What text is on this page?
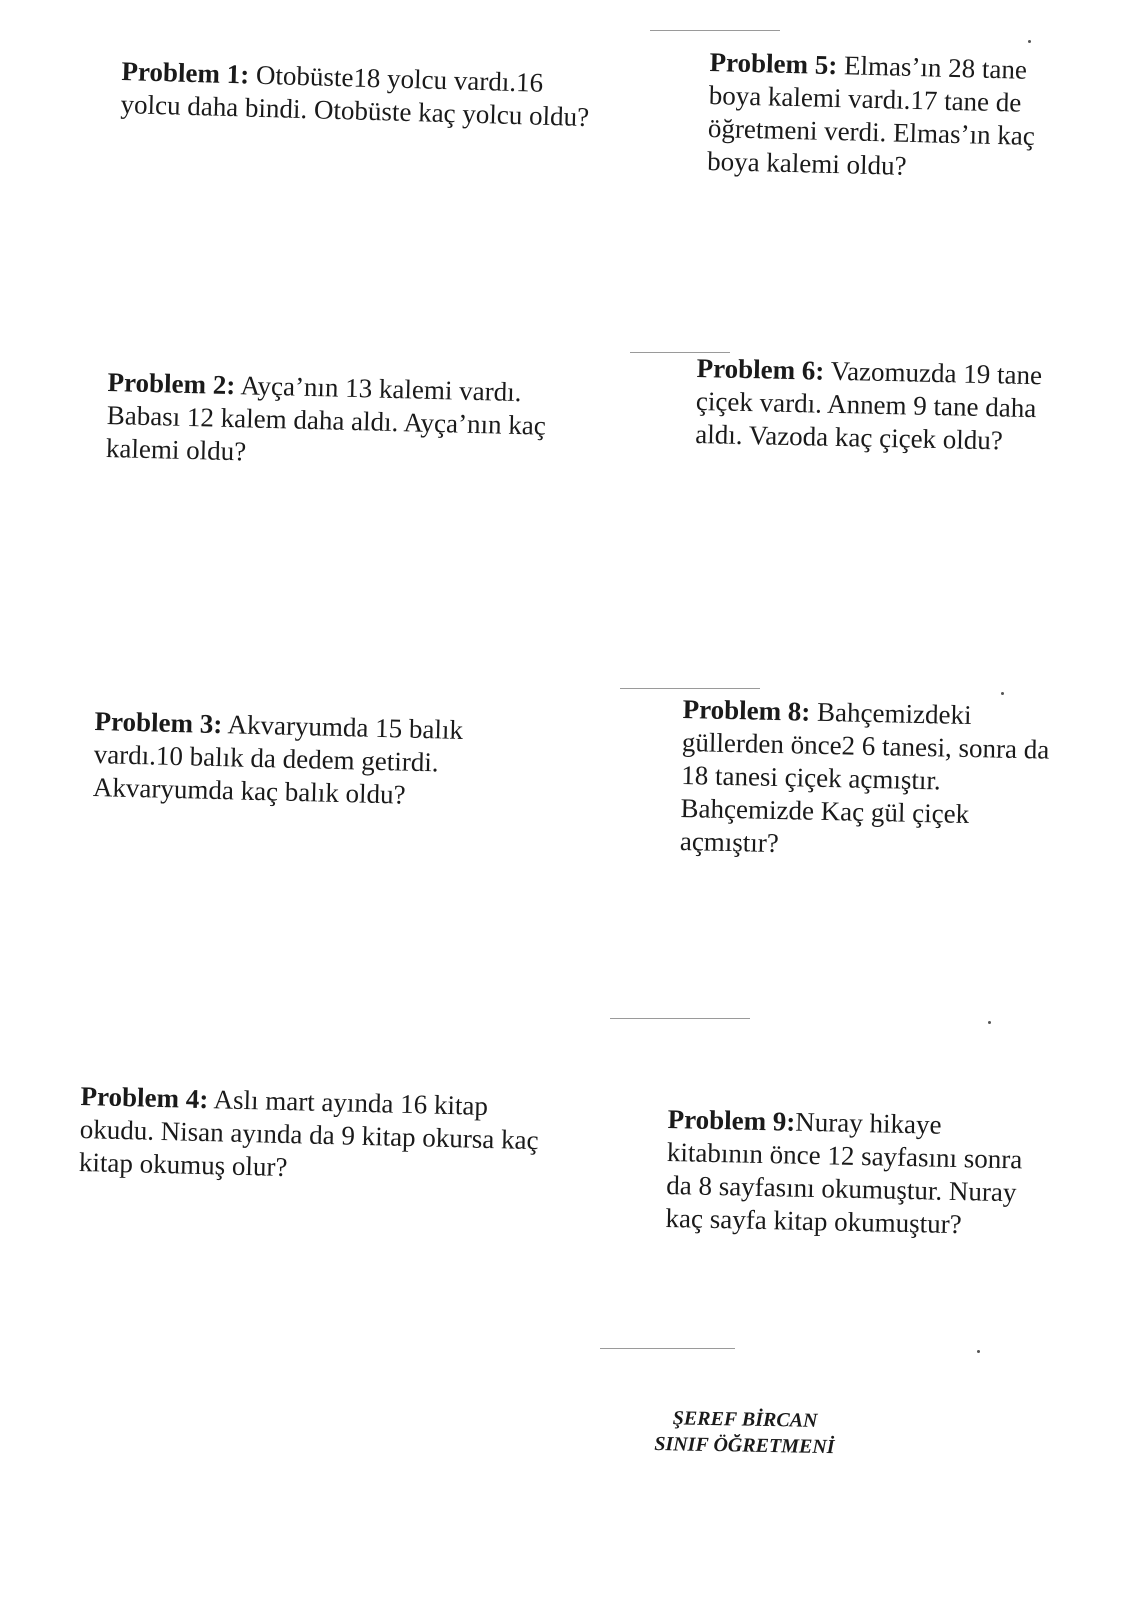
Problem 1: Otobüste18 yolcu vardı.16
yolcu daha bindi. Otobüste kaç yolcu oldu?
Problem 5: Elmas’ın 28 tane
boya kalemi vardı.17 tane de
öğretmeni verdi. Elmas’ın kaç
boya kalemi oldu?
Problem 2: Ayça’nın 13 kalemi vardı.
Babası 12 kalem daha aldı. Ayça’nın kaç
kalemi oldu?
Problem 6: Vazomuzda 19 tane
çiçek vardı. Annem 9 tane daha
aldı. Vazoda kaç çiçek oldu?
Problem 3: Akvaryumda 15 balık
vardı.10 balık da dedem getirdi.
Akvaryumda kaç balık oldu?
Problem 8: Bahçemizdeki
güllerden önce2 6 tanesi, sonra da
18 tanesi çiçek açmıştır.
Bahçemizde Kaç gül çiçek
açmıştır?
Problem 4: Aslı mart ayında 16 kitap
okudu. Nisan ayında da 9 kitap okursa kaç
kitap okumuş olur?
Problem 9:Nuray hikaye
kitabının önce 12 sayfasını sonra
da 8 sayfasını okumuştur. Nuray
kaç sayfa kitap okumuştur?
ŞEREF BİRCAN
SINIF ÖĞRETMENİ
